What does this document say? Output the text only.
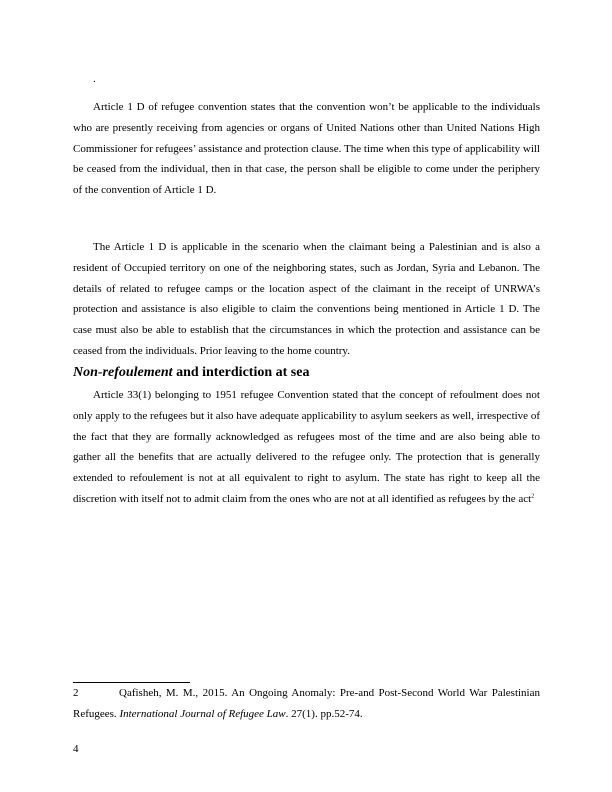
.

Article 1 D of refugee convention states that the convention won’t be applicable to the individuals who are presently receiving from agencies or organs of United Nations other than United Nations High Commissioner for refugees’ assistance and protection clause. The time when this type of applicability will be ceased from the individual, then in that case, the person shall be eligible to come under the periphery of the convention of Article 1 D.

The Article 1 D is applicable in the scenario when the claimant being a Palestinian and is also a resident of Occupied territory on one of the neighboring states, such as Jordan, Syria and Lebanon. The details of related to refugee camps or the location aspect of the claimant in the receipt of UNRWA’s protection and assistance is also eligible to claim the conventions being mentioned in Article 1 D. The case must also be able to establish that the circumstances in which the protection and assistance can be ceased from the individuals. Prior leaving to the home country.

Non-refoulement and interdiction at sea

Article 33(1) belonging to 1951 refugee Convention stated that the concept of refoulment does not only apply to the refugees but it also have adequate applicability to asylum seekers as well, irrespective of the fact that they are formally acknowledged as refugees most of the time and are also being able to gather all the benefits that are actually delivered to the refugee only. The protection that is generally extended to refoulement is not at all equivalent to right to asylum. The state has right to keep all the discretion with itself not to admit claim from the ones who are not at all identified as refugees by the act$^2$

2	Qafisheh, M. M., 2015. An Ongoing Anomaly: Pre-and Post-Second World War Palestinian Refugees. International Journal of Refugee Law. 27(1). pp.52-74.

4
